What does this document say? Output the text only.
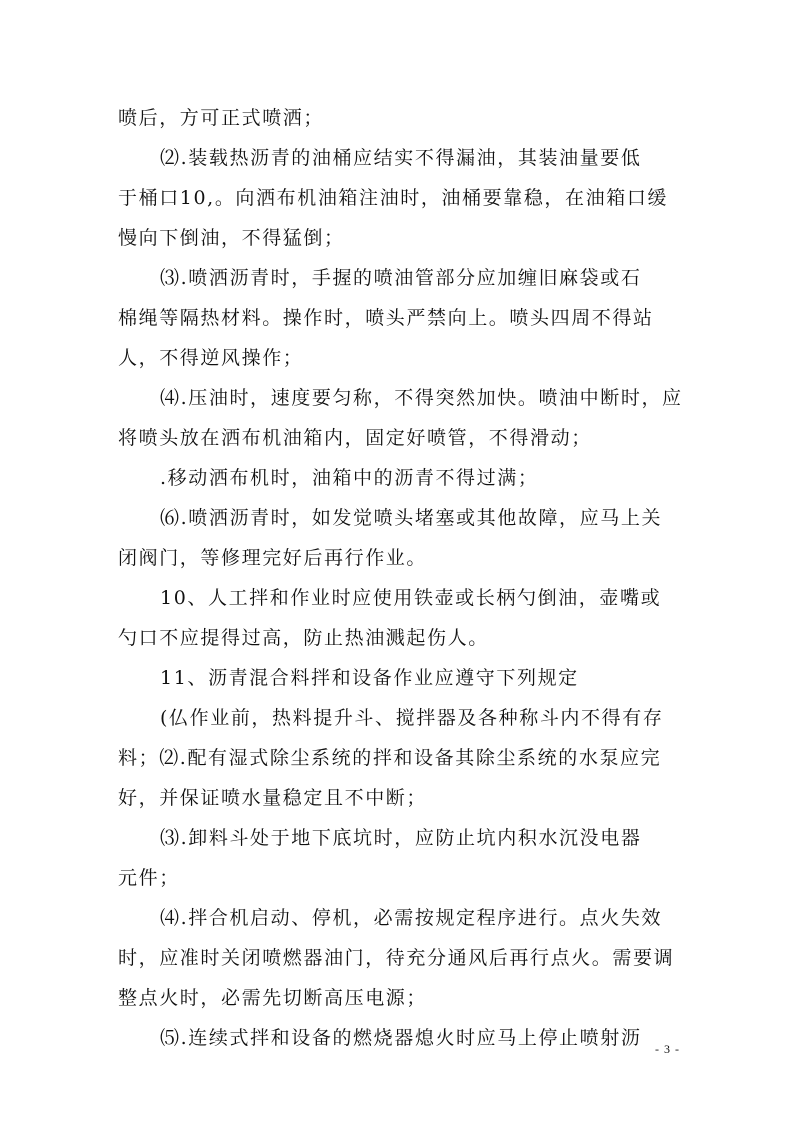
喷后，方可正式喷洒；
⑵.装载热沥青的油桶应结实不得漏油，其装油量要低
于桶口10,。向洒布机油箱注油时，油桶要靠稳，在油箱口缓
慢向下倒油，不得猛倒；
⑶.喷洒沥青时，手握的喷油管部分应加缠旧麻袋或石
棉绳等隔热材料。操作时，喷头严禁向上。喷头四周不得站
人，不得逆风操作；
⑷.压油时，速度要匀称，不得突然加快。喷油中断时，应
将喷头放在洒布机油箱内，固定好喷管，不得滑动；
.移动洒布机时，油箱中的沥青不得过满；
⑹.喷洒沥青时，如发觉喷头堵塞或其他故障，应马上关
闭阀门，等修理完好后再行作业。
10、人工拌和作业时应使用铁壶或长柄勺倒油，壶嘴或
勺口不应提得过高，防止热油溅起伤人。
11、沥青混合料拌和设备作业应遵守下列规定
(仏作业前，热料提升斗、搅拌器及各种称斗内不得有存
料；⑵.配有湿式除尘系统的拌和设备其除尘系统的水泵应完
好，并保证喷水量稳定且不中断；
⑶.卸料斗处于地下底坑时，应防止坑内积水沉没电器
元件；
⑷.拌合机启动、停机，必需按规定程序进行。点火失效
时，应准时关闭喷燃器油门，待充分通风后再行点火。需要调
整点火时，必需先切断高压电源；
⑸.连续式拌和设备的燃烧器熄火时应马上停止喷射沥 - 3 -
